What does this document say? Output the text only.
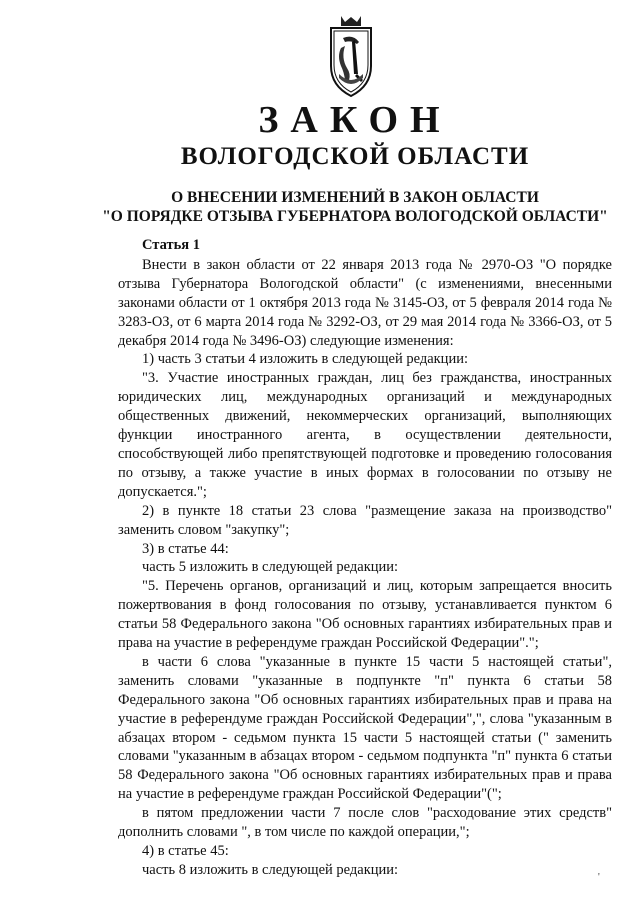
ЗАКОН
ВОЛОГОДСКОЙ ОБЛАСТИ
О ВНЕСЕНИИ ИЗМЕНЕНИЙ В ЗАКОН ОБЛАСТИ
"О ПОРЯДКЕ ОТЗЫВА ГУБЕРНАТОРА ВОЛОГОДСКОЙ ОБЛАСТИ"
Статья 1

Внести в закон области от 22 января 2013 года № 2970-ОЗ "О порядке отзыва Губернатора Вологодской области" (с изменениями, внесенными законами области от 1 октября 2013 года № 3145-ОЗ, от 5 февраля 2014 года № 3283-ОЗ, от 6 марта 2014 года № 3292-ОЗ, от 29 мая 2014 года № 3366-ОЗ, от 5 декабря 2014 года № 3496-ОЗ) следующие изменения:

1) часть 3 статьи 4 изложить в следующей редакции:

"3. Участие иностранных граждан, лиц без гражданства, иностранных юридических лиц, международных организаций и международных общественных движений, некоммерческих организаций, выполняющих функции иностранного агента, в осуществлении деятельности, способствующей либо препятствующей подготовке и проведению голосования по отзыву, а также участие в иных формах в голосовании по отзыву не допускается.";

2) в пункте 18 статьи 23 слова "размещение заказа на производство" заменить словом "закупку";

3) в статье 44:

часть 5 изложить в следующей редакции:

"5. Перечень органов, организаций и лиц, которым запрещается вносить пожертвования в фонд голосования по отзыву, устанавливается пунктом 6 статьи 58 Федерального закона "Об основных гарантиях избирательных прав и права на участие в референдуме граждан Российской Федерации".";

в части 6 слова "указанные в пункте 15 части 5 настоящей статьи", заменить словами "указанные в подпункте "п" пункта 6 статьи 58 Федерального закона "Об основных гарантиях избирательных прав и права на участие в референдуме граждан Российской Федерации",", слова "указанным в абзацах втором - седьмом пункта 15 части 5 настоящей статьи (" заменить словами "указанным в абзацах втором - седьмом подпункта "п" пункта 6 статьи 58 Федерального закона "Об основных гарантиях избирательных прав и права на участие в референдуме граждан Российской Федерации"(";

в пятом предложении части 7 после слов "расходование этих средств" дополнить словами ", в том числе по каждой операции,";

4) в статье 45:

часть 8 изложить в следующей редакции:	'
